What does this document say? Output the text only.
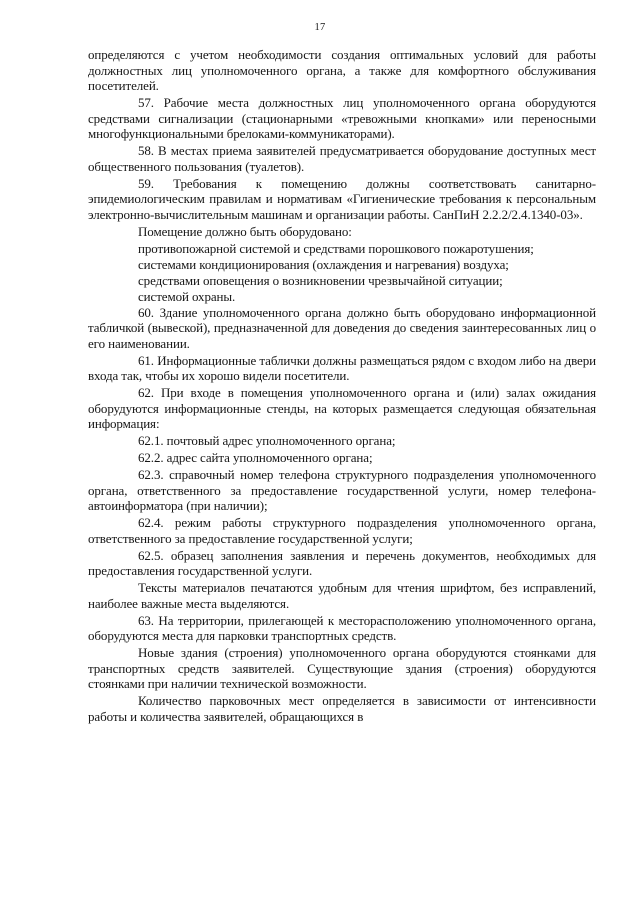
17

определяются с учетом необходимости создания оптимальных условий для работы должностных лиц уполномоченного органа, а также для комфортного обслуживания посетителей.

57. Рабочие места должностных лиц уполномоченного органа оборудуются средствами сигнализации (стационарными «тревожными кнопками» или переносными многофункциональными брелоками-коммуникаторами).

58. В местах приема заявителей предусматривается оборудование доступных мест общественного пользования (туалетов).

59. Требования к помещению должны соответствовать санитарно-эпидемиологическим правилам и нормативам «Гигиенические требования к персональным электронно-вычислительным машинам и организации работы. СанПиН 2.2.2/2.4.1340-03».

Помещение должно быть оборудовано:

противопожарной системой и средствами порошкового пожаротушения;

системами кондиционирования (охлаждения и нагревания) воздуха;

средствами оповещения о возникновении чрезвычайной ситуации;

системой охраны.

60. Здание уполномоченного органа должно быть оборудовано информационной табличкой (вывеской), предназначенной для доведения до сведения заинтересованных лиц о его наименовании.

61. Информационные таблички должны размещаться рядом с входом либо на двери входа так, чтобы их хорошо видели посетители.

62. При входе в помещения уполномоченного органа и (или) залах ожидания оборудуются информационные стенды, на которых размещается следующая обязательная информация:

62.1. почтовый адрес уполномоченного органа;

62.2. адрес сайта уполномоченного органа;

62.3. справочный номер телефона структурного подразделения уполномоченного органа, ответственного за предоставление государственной услуги, номер телефона-автоинформатора (при наличии);

62.4. режим работы структурного подразделения уполномоченного органа, ответственного за предоставление государственной услуги;

62.5. образец заполнения заявления и перечень документов, необходимых для предоставления государственной услуги.

Тексты материалов печатаются удобным для чтения шрифтом, без исправлений, наиболее важные места выделяются.

63. На территории, прилегающей к месторасположению уполномоченного органа, оборудуются места для парковки транспортных средств.

Новые здания (строения) уполномоченного органа оборудуются стоянками для транспортных средств заявителей. Существующие здания (строения) оборудуются стоянками при наличии технической возможности.

Количество парковочных мест определяется в зависимости от интенсивности работы и количества заявителей, обращающихся в
